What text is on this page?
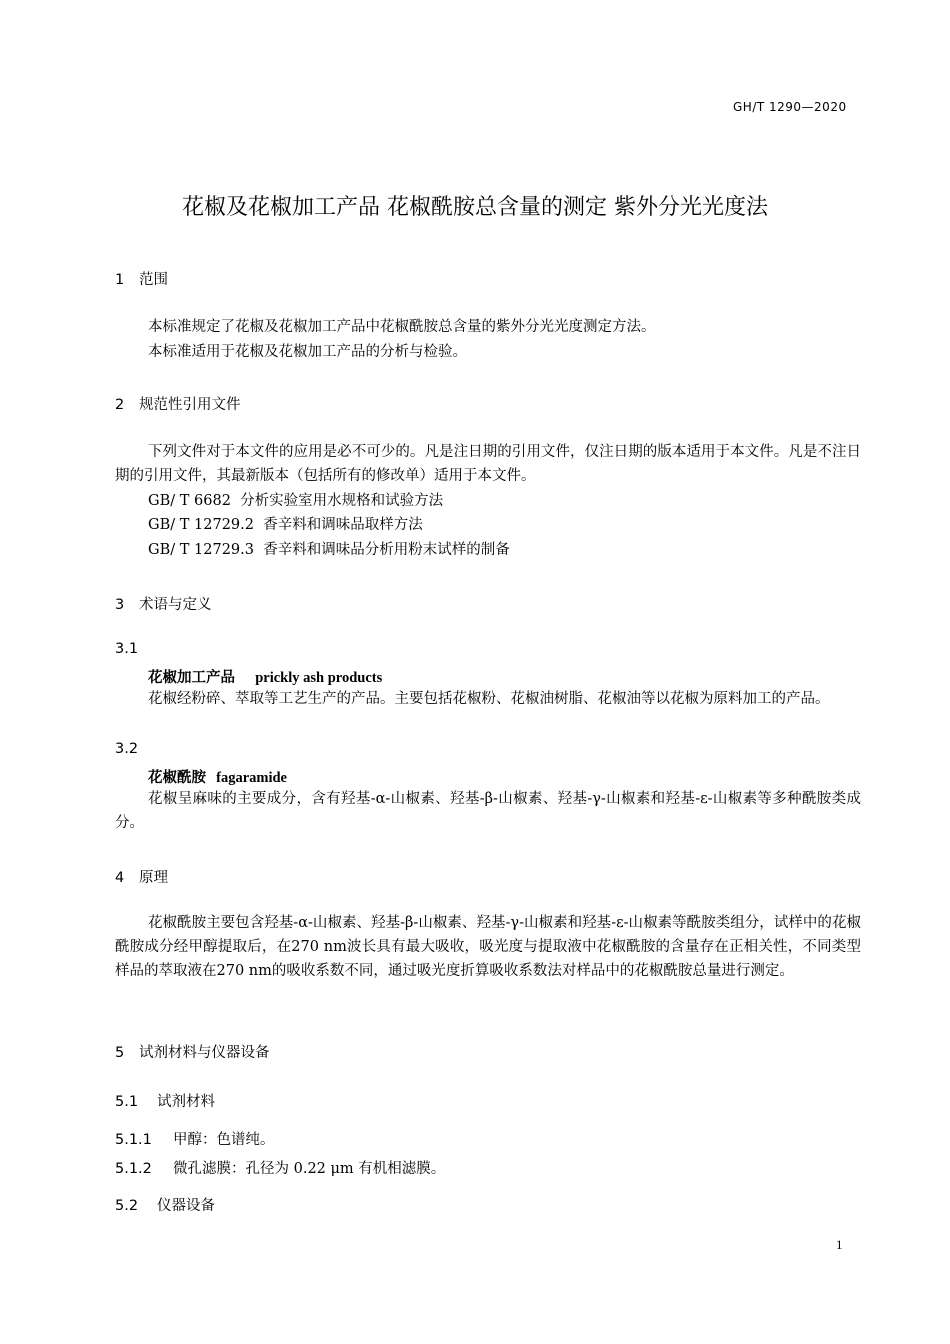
GH/T 1290—2020
花椒及花椒加工产品 花椒酰胺总含量的测定 紫外分光光度法
1 范围
本标准规定了花椒及花椒加工产品中花椒酰胺总含量的紫外分光光度测定方法。
本标准适用于花椒及花椒加工产品的分析与检验。
2 规范性引用文件
下列文件对于本文件的应用是必不可少的。凡是注日期的引用文件，仅注日期的版本适用于本文件。凡是不注日期的引用文件，其最新版本（包括所有的修改单）适用于本文件。
GB/ T 6682 分析实验室用水规格和试验方法
GB/ T 12729.2 香辛料和调味品取样方法
GB/ T 12729.3 香辛料和调味品分析用粉末试样的制备
3 术语与定义
3.1
花椒加工产品 prickly ash products
花椒经粉碎、萃取等工艺生产的产品。主要包括花椒粉、花椒油树脂、花椒油等以花椒为原料加工的产品。
3.2
花椒酰胺 fagaramide
花椒呈麻味的主要成分，含有羟基-α-山椒素、羟基-β-山椒素、羟基-γ-山椒素和羟基-ε-山椒素等多种酰胺类成分。
4 原理
花椒酰胺主要包含羟基-α-山椒素、羟基-β-山椒素、羟基-γ-山椒素和羟基-ε-山椒素等酰胺类组分，试样中的花椒酰胺成分经甲醇提取后，在270 nm波长具有最大吸收，吸光度与提取液中花椒酰胺的含量存在正相关性，不同类型样品的萃取液在270 nm的吸收系数不同，通过吸光度折算吸收系数法对样品中的花椒酰胺总量进行测定。
5 试剂材料与仪器设备
5.1 试剂材料
5.1.1 甲醇：色谱纯。
5.1.2 微孔滤膜：孔径为 0.22 μm 有机相滤膜。
5.2 仪器设备
1
